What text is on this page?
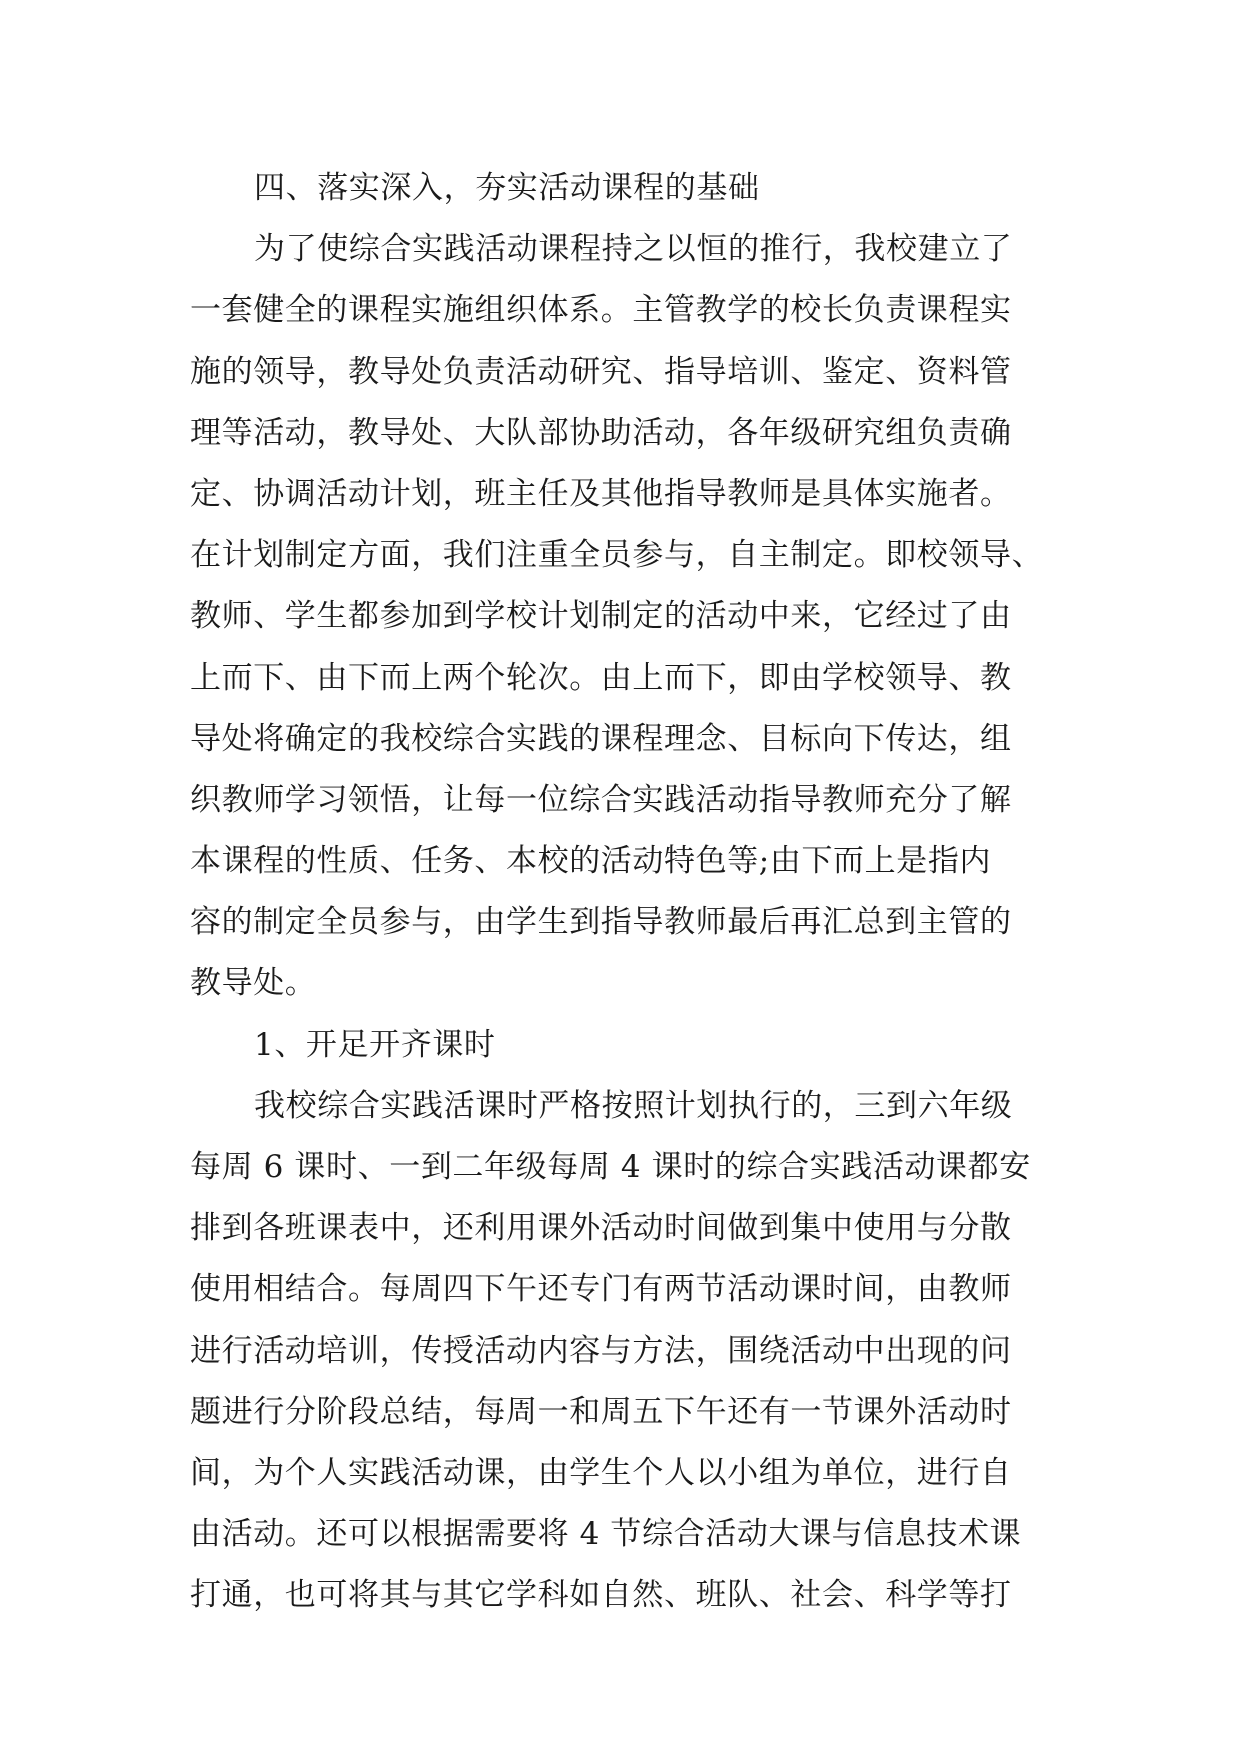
四、落实深入，夯实活动课程的基础
为了使综合实践活动课程持之以恒的推行，我校建立了
一套健全的课程实施组织体系。主管教学的校长负责课程实
施的领导，教导处负责活动研究、指导培训、鉴定、资料管
理等活动，教导处、大队部协助活动，各年级研究组负责确
定、协调活动计划，班主任及其他指导教师是具体实施者。
在计划制定方面，我们注重全员参与，自主制定。即校领导、
教师、学生都参加到学校计划制定的活动中来，它经过了由
上而下、由下而上两个轮次。由上而下，即由学校领导、教
导处将确定的我校综合实践的课程理念、目标向下传达，组
织教师学习领悟，让每一位综合实践活动指导教师充分了解
本课程的性质、任务、本校的活动特色等;由下而上是指内
容的制定全员参与，由学生到指导教师最后再汇总到主管的
教导处。
1、开足开齐课时
我校综合实践活课时严格按照计划执行的，三到六年级
每周 6 课时、一到二年级每周 4 课时的综合实践活动课都安
排到各班课表中，还利用课外活动时间做到集中使用与分散
使用相结合。每周四下午还专门有两节活动课时间，由教师
进行活动培训，传授活动内容与方法，围绕活动中出现的问
题进行分阶段总结，每周一和周五下午还有一节课外活动时
间，为个人实践活动课，由学生个人以小组为单位，进行自
由活动。还可以根据需要将 4 节综合活动大课与信息技术课
打通，也可将其与其它学科如自然、班队、社会、科学等打
